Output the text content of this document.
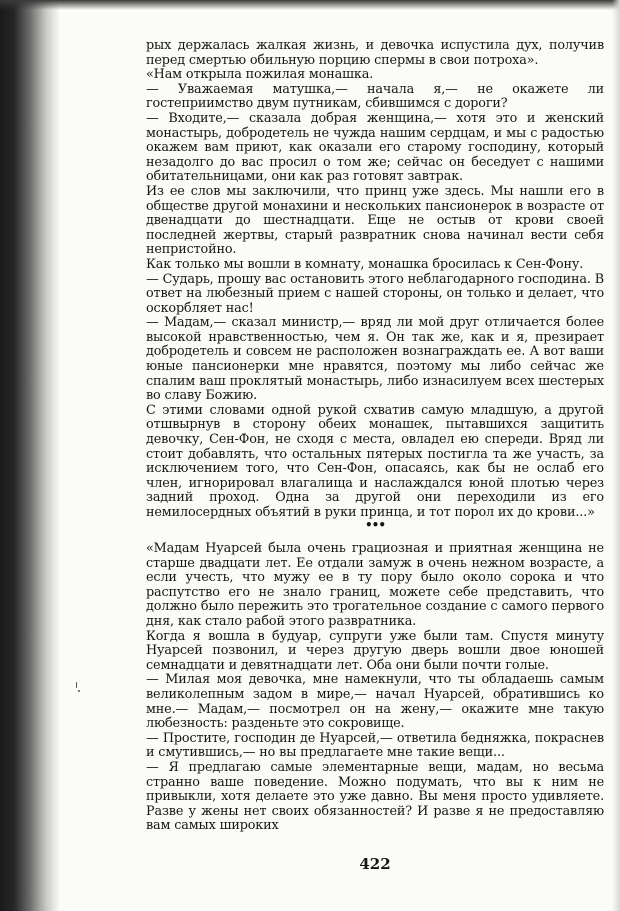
рых держалась жалкая жизнь, и девочка испустила дух, получив перед смертью обильную порцию спермы в свои потроха».

«Нам открыла пожилая монашка.

— Уважаемая матушка,— начала я,— не окажете ли гостеприимство двум путникам, сбившимся с дороги?

— Входите,— сказала добрая женщина,— хотя это и женский монастырь, добродетель не чужда нашим сердцам, и мы с радостью окажем вам приют, как оказали его старому господину, который незадолго до вас просил о том же; сейчас он беседует с нашими обитательницами, они как раз готовят завтрак.

Из ее слов мы заключили, что принц уже здесь. Мы нашли его в обществе другой монахини и нескольких пансионерок в возрасте от двенадцати до шестнадцати. Еще не остыв от крови своей последней жертвы, старый развратник снова начинал вести себя непристойно.

Как только мы вошли в комнату, монашка бросилась к Сен-Фону.

— Сударь, прошу вас остановить этого неблагодарного господина. В ответ на любезный прием с нашей стороны, он только и делает, что оскорбляет нас!

— Мадам,— сказал министр,— вряд ли мой друг отличается более высокой нравственностью, чем я. Он так же, как и я, презирает добродетель и совсем не расположен вознаграждать ее. А вот ваши юные пансионерки мне нравятся, поэтому мы либо сейчас же спалим ваш проклятый монастырь, либо изнасилуем всех шестерых во славу Божию.

С этими словами одной рукой схватив самую младшую, а другой отшвырнув в сторону обеих монашек, пытавшихся защитить девочку, Сен-Фон, не сходя с места, овладел ею спереди. Вряд ли стоит добавлять, что остальных пятерых постигла та же участь, за исключением того, что Сен-Фон, опасаясь, как бы не ослаб его член, игнорировал влагалища и наслаждался юной плотью через задний проход. Одна за другой они переходили из его немилосердных объятий в руки принца, и тот порол их до крови...»

•••

«Мадам Нуарсей была очень грациозная и приятная женщина не старше двадцати лет. Ее отдали замуж в очень нежном возрасте, а если учесть, что мужу ее в ту пору было около сорока и что распутство его не знало границ, можете себе представить, что должно было пережить это трогательное создание с самого первого дня, как стало рабой этого развратника.

Когда я вошла в будуар, супруги уже были там. Спустя минуту Нуарсей позвонил, и через другую дверь вошли двое юношей семнадцати и девятнадцати лет. Оба они были почти голые.

— Милая моя девочка, мне намекнули, что ты обладаешь самым великолепным задом в мире,— начал Нуарсей, обратившись ко мне.— Мадам,— посмотрел он на жену,— окажите мне такую любезность: разденьте это сокровище.

— Простите, господин де Нуарсей,— ответила бедняжка, покраснев и смутившись,— но вы предлагаете мне такие вещи...

— Я предлагаю самые элементарные вещи, мадам, но весьма странно ваше поведение. Можно подумать, что вы к ним не привыкли, хотя делаете это уже давно. Вы меня просто удивляете. Разве у жены нет своих обязанностей? И разве я не предоставляю вам самых широких

422
